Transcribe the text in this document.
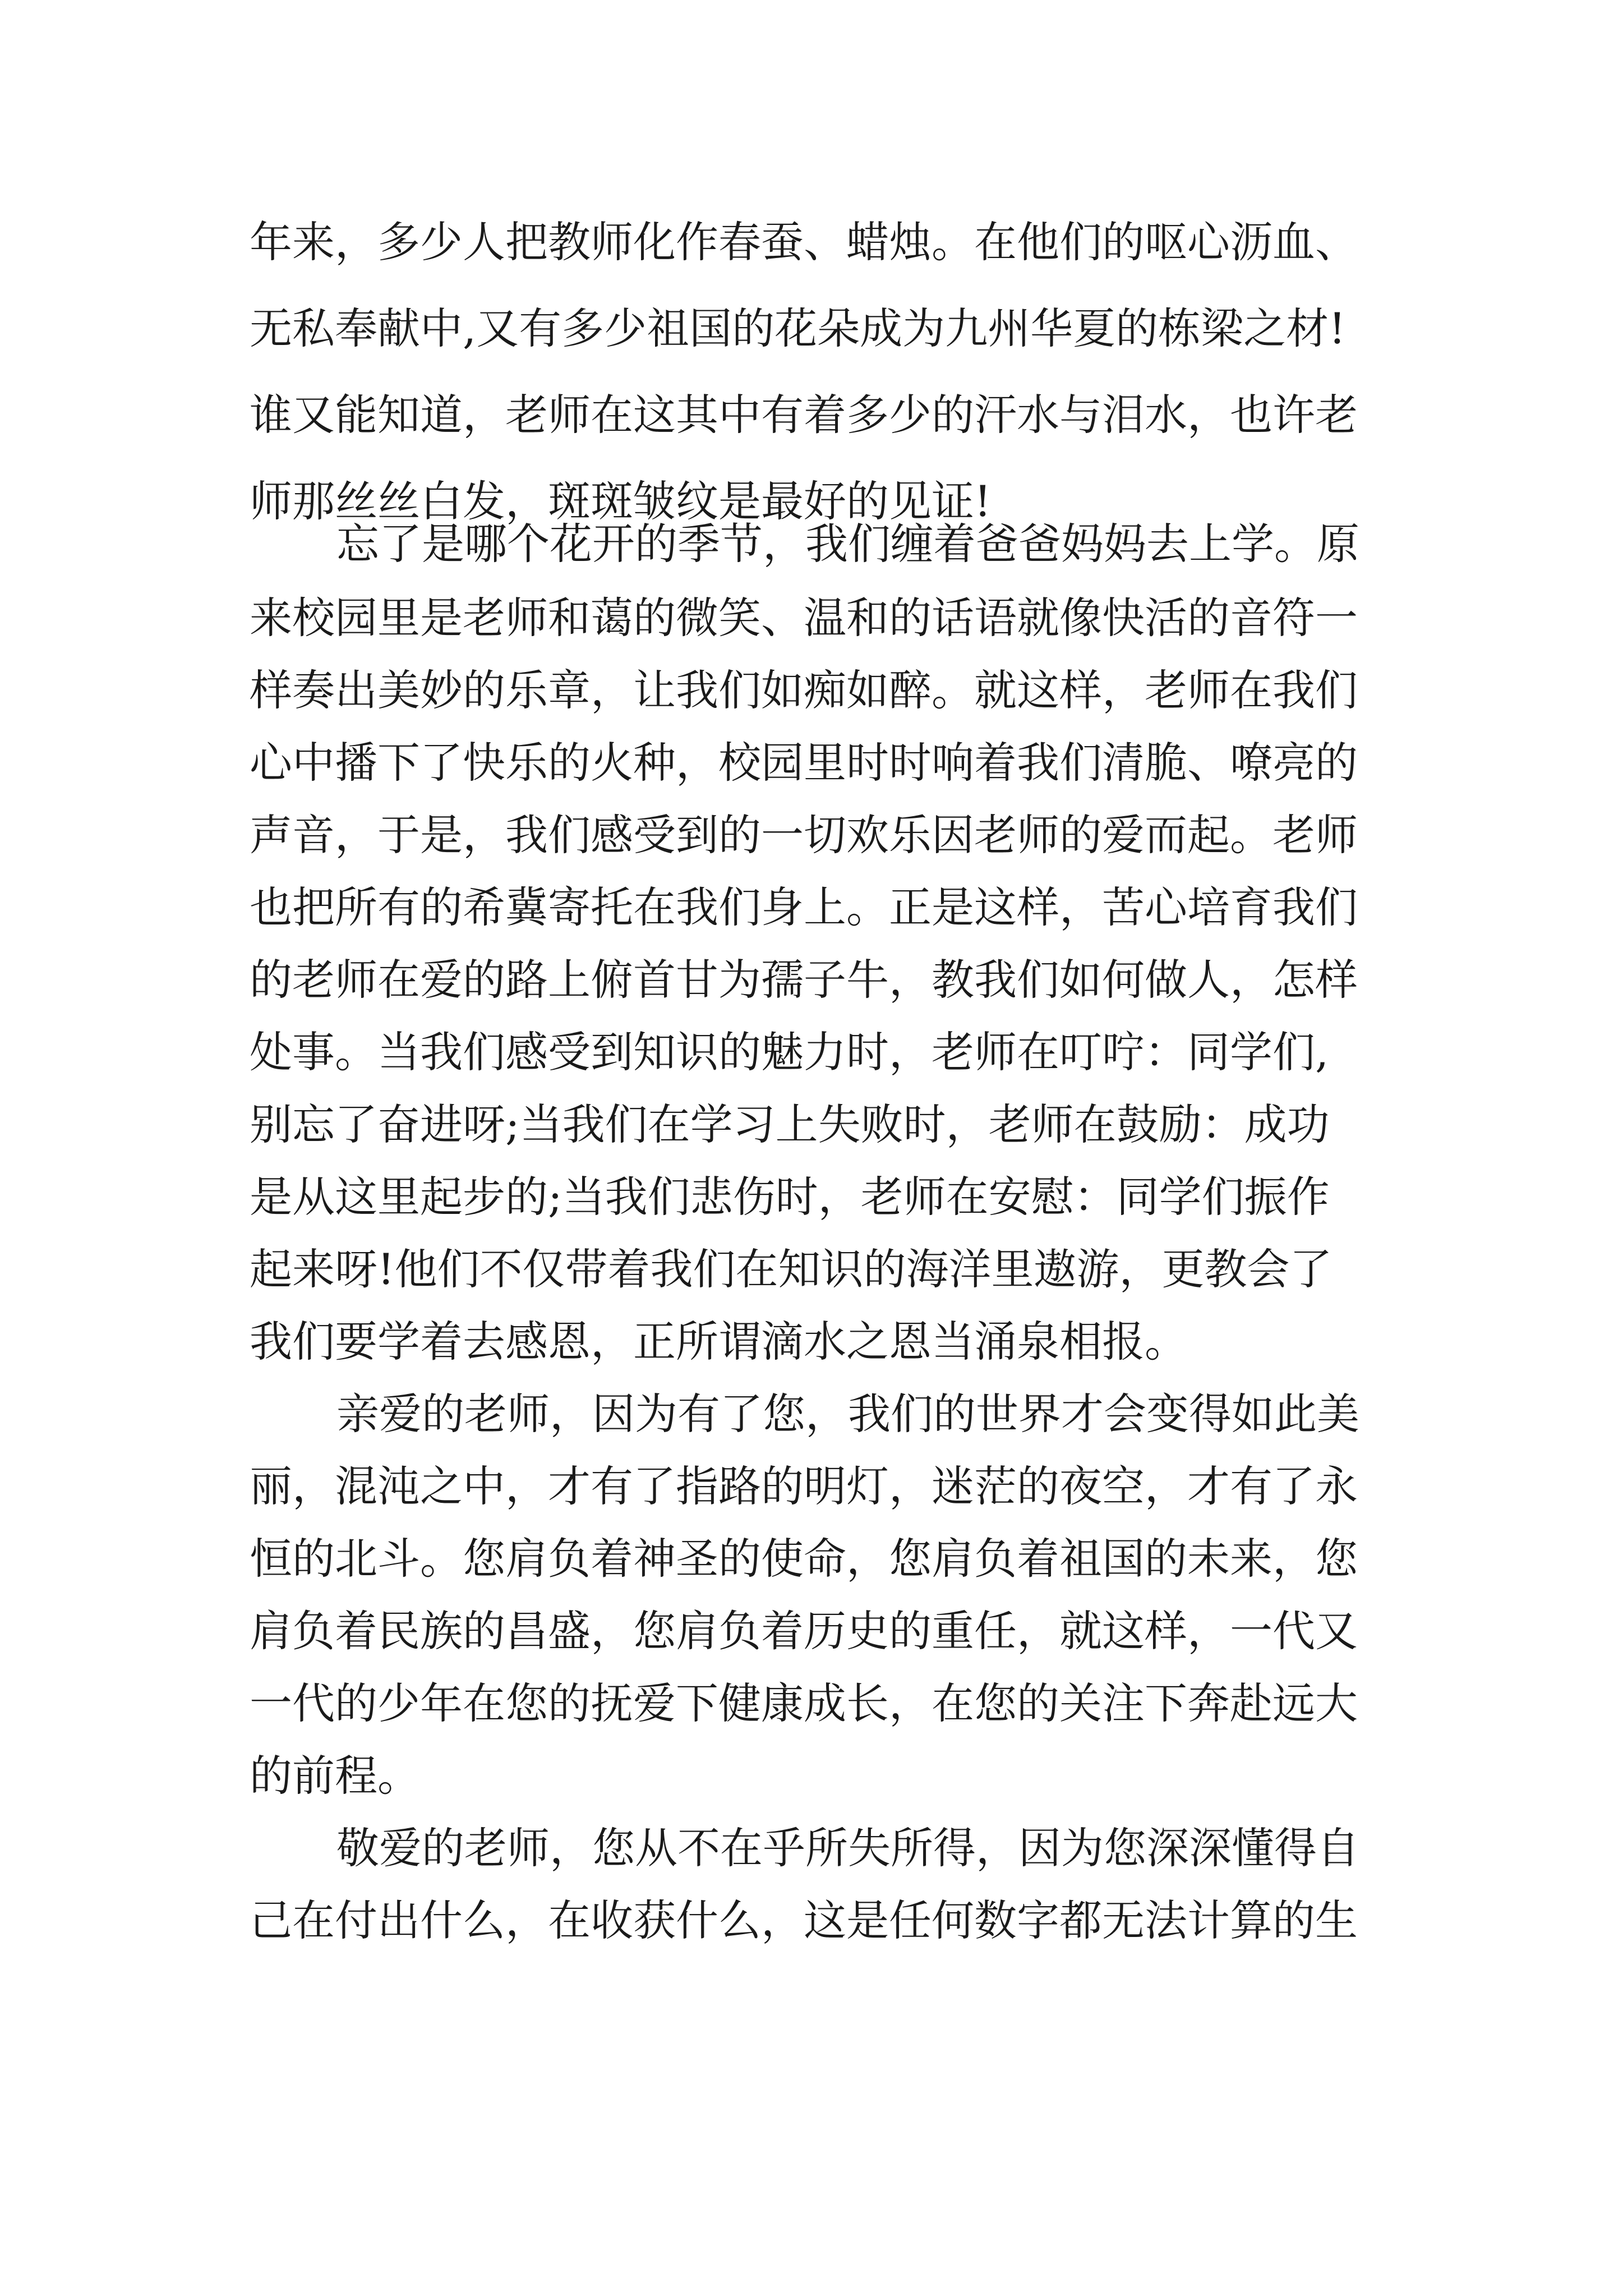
年来，多少人把教师化作春蚕、蜡烛。在他们的呕心沥血、
无私奉献中,又有多少祖国的花朵成为九州华夏的栋梁之材!
谁又能知道，老师在这其中有着多少的汗水与泪水，也许老
师那丝丝白发，斑斑皱纹是最好的见证!
忘了是哪个花开的季节，我们缠着爸爸妈妈去上学。原
来校园里是老师和蔼的微笑、温和的话语就像快活的音符一
样奏出美妙的乐章，让我们如痴如醉。就这样，老师在我们
心中播下了快乐的火种，校园里时时响着我们清脆、嘹亮的
声音，于是，我们感受到的一切欢乐因老师的爱而起。老师
也把所有的希冀寄托在我们身上。正是这样，苦心培育我们
的老师在爱的路上俯首甘为孺子牛，教我们如何做人，怎样
处事。当我们感受到知识的魅力时，老师在叮咛：同学们,
别忘了奋进呀;当我们在学习上失败时，老师在鼓励：成功
是从这里起步的;当我们悲伤时，老师在安慰：同学们振作
起来呀!他们不仅带着我们在知识的海洋里遨游，更教会了
我们要学着去感恩，正所谓滴水之恩当涌泉相报。
亲爱的老师，因为有了您，我们的世界才会变得如此美
丽，混沌之中，才有了指路的明灯，迷茫的夜空，才有了永
恒的北斗。您肩负着神圣的使命，您肩负着祖国的未来，您
肩负着民族的昌盛，您肩负着历史的重任，就这样，一代又
一代的少年在您的抚爱下健康成长，在您的关注下奔赴远大
的前程。
敬爱的老师，您从不在乎所失所得，因为您深深懂得自
己在付出什么，在收获什么，这是任何数字都无法计算的生
